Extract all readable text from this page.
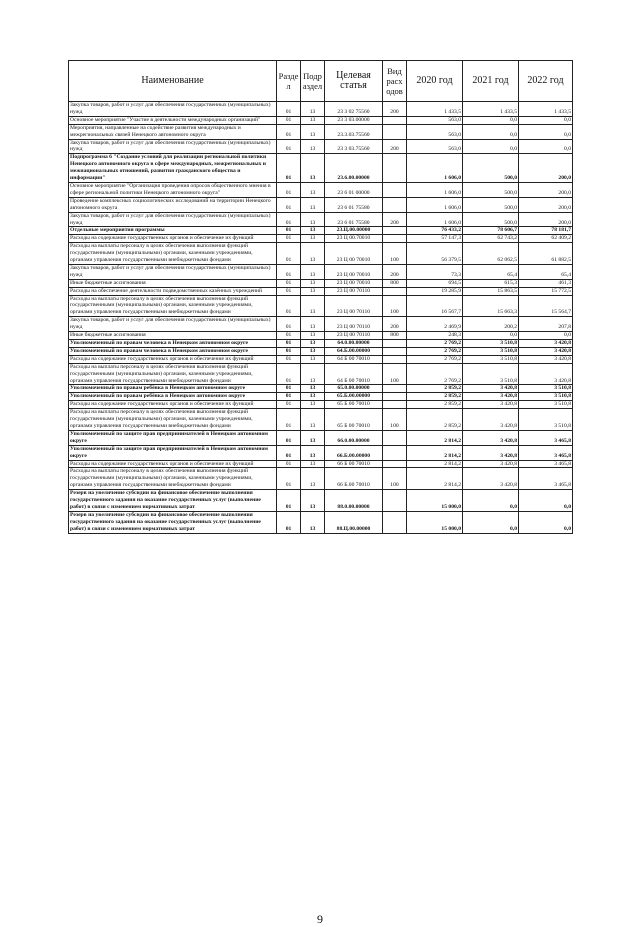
Наименование	Разде л	Подр аздел	Целевая статья	Вид расх одов	2020 год	2021 год	2022 год
Закупка товаров, работ и услуг для обеспечения государственных (муниципальных) нужд	01	13	23 3 02 75560	200	1 433,5	1 433,5	1 433,5
Основное мероприятие "Участие в деятельности международных организаций"	01	13	23 3 03.00000		563,0	0,0	0,0
Мероприятия, направленные на содействие развития международных и межрегиональных связей Ненецкого автономного округа	01	13	23.3.03.75560		563,0	0,0	0,0
Закупка товаров, работ и услуг для обеспечения государственных (муниципальных) нужд	01	13	23 3 03.75560	200	563,0	0,0	0,0
Подпрограмма 6 "Создание условий для реализации региональной политики Ненецкого автономного округа в сфере международных, межрегиональных и межнациональных отношений, развития гражданского общества и информации"	01	13	23.6.00.00000		1 606,0	500,0	200,0
Основное мероприятие "Организация проведения опросов общественного мнения в сфере региональной политики Ненецкого автономного округа"	01	13	23 6 01 00000		1 606,0	500,0	200,0
Проведение комплексных социологических исследований на территории Ненецкого автономного округа	01	13	23 6 01 75580		1 606,0	500,0	200,0
Закупка товаров, работ и услуг для обеспечения государственных (муниципальных) нужд	01	13	23 6 01 75580	200	1 606,0	500,0	200,0
Отдельные мероприятия программы	01	13	23.Ц.00.00000		76 433,2	78 606,7	78 181,7
Расходы на содержание государственных органов и обеспечение их функций	01	13	23 Ц 00.70010		57 147,3	62 743,2	62 409,2
Расходы на выплаты персоналу в целях обеспечения выполнения функций государственными (муниципальными) органами, казенными учреждениями, органами управления государственными внебюджетными фондами	01	13	23 Ц 00 70010	100	56 379,5	62 062,5	61 882,5
Закупка товаров, работ и услуг для обеспечения государственных (муниципальных) нужд	01	13	23 Ц 00 70010	200	73,3	65,4	65,4
Иные бюджетные ассигнования	01	13	23 Ц 00 70010	800	694,5	615,3	461,3
Расходы на обеспечение деятельности подведомственных казённых учреждений	01	13	23 Ц 00 70110		19 285,9	15 863,5	15 772,5
Расходы на выплаты персоналу в целях обеспечения выполнения функций государственными (муниципальными) органами, казенными учреждениями, органами управления государственными внебюджетными фондами	01	13	23 Ц 00 70110	100	16 567,7	15 663,3	15 564,7
Закупка товаров, работ и услуг для обеспечения государственных (муниципальных) нужд	01	13	23 Ц 00 70110	200	2 469,9	200,2	207,8
Иные бюджетные ассигнования	01	13	23 Ц 00 70110	800	248,3	0,0	0,0
Уполномоченный по правам человека в Ненецком автономном округе	01	13	64.0.00.00000		2 769,2	3 510,8	3 420,8
Уполномоченный по правам человека в Ненецком автономном округе	01	13	64.Б.00.00000		2 769,2	3 510,8	3 420,8
Расходы на содержание государственных органов и обеспечение их функций	01	13	64 Б 00 70010		2 769,2	3 510,8	3 420,8
Расходы на выплаты персоналу в целях обеспечения выполнения функций государственными (муниципальными) органами, казенными учреждениями, органами управления государственными внебюджетными фондами	01	13	64 Б 00 70010	100	2 769,2	3 510,8	3 420,8
Уполномоченный по правам ребёнка в Ненецком автономном округе	01	13	65.0.00.00000		2 859,2	3 420,8	3 510,8
Уполномоченный по правам ребёнка в Ненецком автономном округе	01	13	65.Б.00.00000		2 859,2	3 420,8	3 510,8
Расходы на содержание государственных органов и обеспечение их функций	01	13	65 Б 00 70010		2 859,2	3 420,8	3 510,8
Расходы на выплаты персоналу в целях обеспечения выполнения функций государственными (муниципальными) органами, казенными учреждениями, органами управления государственными внебюджетными фондами	01	13	65 Б 00 70010	100	2 859,2	3 420,8	3 510,8
Уполномоченный по защите прав предпринимателей в Ненецком автономном округе	01	13	66.0.00.00000		2 814,2	3 420,8	3 465,8
Уполномоченный по защите прав предпринимателей в Ненецком автономном округе	01	13	66.Б.00.00000		2 814,2	3 420,8	3 465,8
Расходы на содержание государственных органов и обеспечение их функций	01	13	66 Б 00 70010		2 814,2	3 420,8	3 465,8
Расходы на выплаты персоналу в целях обеспечения выполнения функций государственными (муниципальными) органами, казенными учреждениями, органами управления государственными внебюджетными фондами	01	13	66 Б.00 70010	100	2 814,2	3 420,8	3 465,8
Резерв на увеличение субсидии на финансовое обеспечение выполнения государственного задания на оказание государственных услуг (выполнение работ) в связи с изменением нормативных затрат	01	13	88.0.00.00000		15 000,0	0,0	0,0
Резерв на увеличение субсидии на финансовое обеспечение выполнения государственного задания на оказание государственных услуг (выполнение работ) в связи с изменением нормативных затрат	01	13	88.Ц.00.00000		15 000,0	0,0	0,0
9
